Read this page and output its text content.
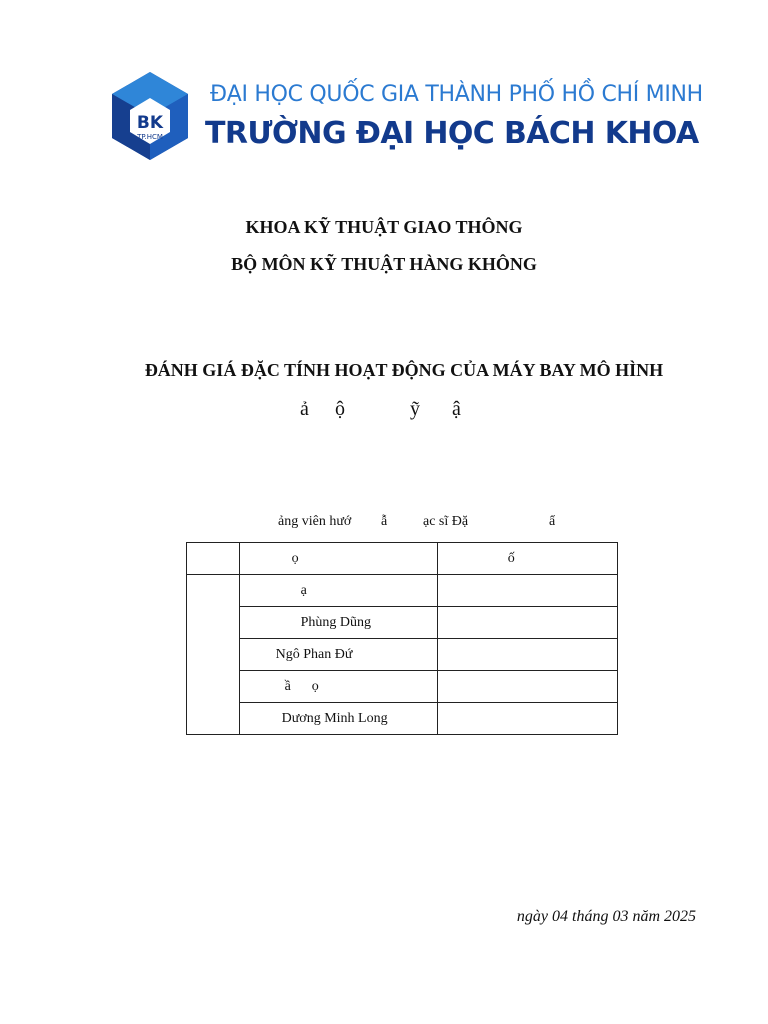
BK
TP.HCM
ĐẠI HỌC QUỐC GIA THÀNH PHỐ HỒ CHÍ MINH
TRƯỜNG ĐẠI HỌC BÁCH KHOA
KHOA KỸ THUẬT GIAO THÔNG
BỘ MÔN KỸ THUẬT HÀNG KHÔNG
ĐÁNH GIÁ ĐẶC TÍNH HOẠT ĐỘNG CỦA MÁY BAY MÔ HÌNH
ả ộ	ỹ ậ
ảng viên hướ ẫ	ạc sĩ Đặ	ẩ
	ọ	ố
	ạ	
	Phùng Dũng	
	Ngô Phan Đứ	
	ầ      ọ	
	Dương Minh Long	
ngày 04 tháng 03 năm 2025
